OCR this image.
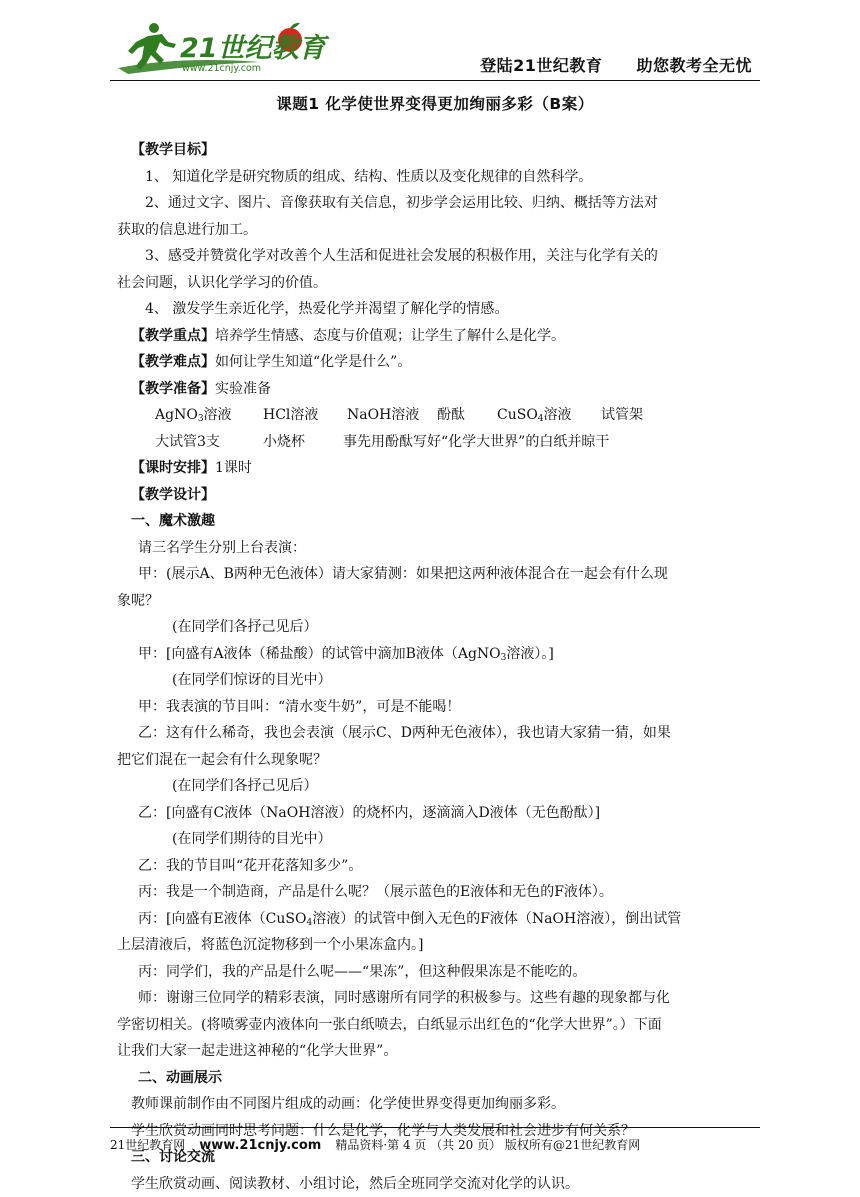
21世纪教育
www.21cnjy.com	登陆21世纪教育 助您教考全无忧
课题1 化学使世界变得更加绚丽多彩（B案）
【教学目标】
1、 知道化学是研究物质的组成、结构、性质以及变化规律的自然科学。
2、通过文字、图片、音像获取有关信息，初步学会运用比较、归纳、概括等方法对
获取的信息进行加工。
3、感受并赞赏化学对改善个人生活和促进社会发展的积极作用，关注与化学有关的
社会问题，认识化学学习的价值。
4、 激发学生亲近化学，热爱化学并渴望了解化学的情感。
【教学重点】培养学生情感、态度与价值观；让学生了解什么是化学。
【教学难点】如何让学生知道“化学是什么”。
【教学准备】实验准备
AgNO$_3$溶液 HCl溶液 NaOH溶液 酚酞 CuSO$_4$溶液 试管架
大试管3支	小烧杯	事先用酚酞写好“化学大世界”的白纸并晾干
【课时安排】1课时
【教学设计】
一、魔术激趣
请三名学生分别上台表演：
甲：(展示A、B两种无色液体）请大家猜测：如果把这两种液体混合在一起会有什么现
象呢？
(在同学们各抒己见后）
甲：[向盛有A液体（稀盐酸）的试管中滴加B液体（AgNO$_3$溶液）。]
(在同学们惊讶的目光中）
甲：我表演的节目叫：“清水变牛奶”，可是不能喝！
乙：这有什么稀奇，我也会表演（展示C、D两种无色液体），我也请大家猜一猜，如果
把它们混在一起会有什么现象呢？
(在同学们各抒己见后）
乙：[向盛有C液体（NaOH溶液）的烧杯内，逐滴滴入D液体（无色酚酞）]
(在同学们期待的目光中）
乙：我的节目叫“花开花落知多少”。
丙：我是一个制造商，产品是什么呢？（展示蓝色的E液体和无色的F液体）。
丙：[向盛有E液体（CuSO$_4$溶液）的试管中倒入无色的F液体（NaOH溶液），倒出试管
上层清液后，将蓝色沉淀物移到一个小果冻盒内。]
丙：同学们，我的产品是什么呢——“果冻”，但这种假果冻是不能吃的。
师：谢谢三位同学的精彩表演，同时感谢所有同学的积极参与。这些有趣的现象都与化
学密切相关。(将喷雾壶内液体向一张白纸喷去，白纸显示出红色的“化学大世界”。）下面
让我们大家一起走进这神秘的“化学大世界”。
二、动画展示
教师课前制作由不同图片组成的动画：化学使世界变得更加绚丽多彩。
学生欣赏动画同时思考问题：什么是化学，化学与人类发展和社会进步有何关系？
三、讨论交流
学生欣赏动画、阅读教材、小组讨论，然后全班同学交流对化学的认识。
21世纪教育网 www.21cnjy.com 精品资料·第 4 页 （共 20 页） 版权所有@21世纪教育网
